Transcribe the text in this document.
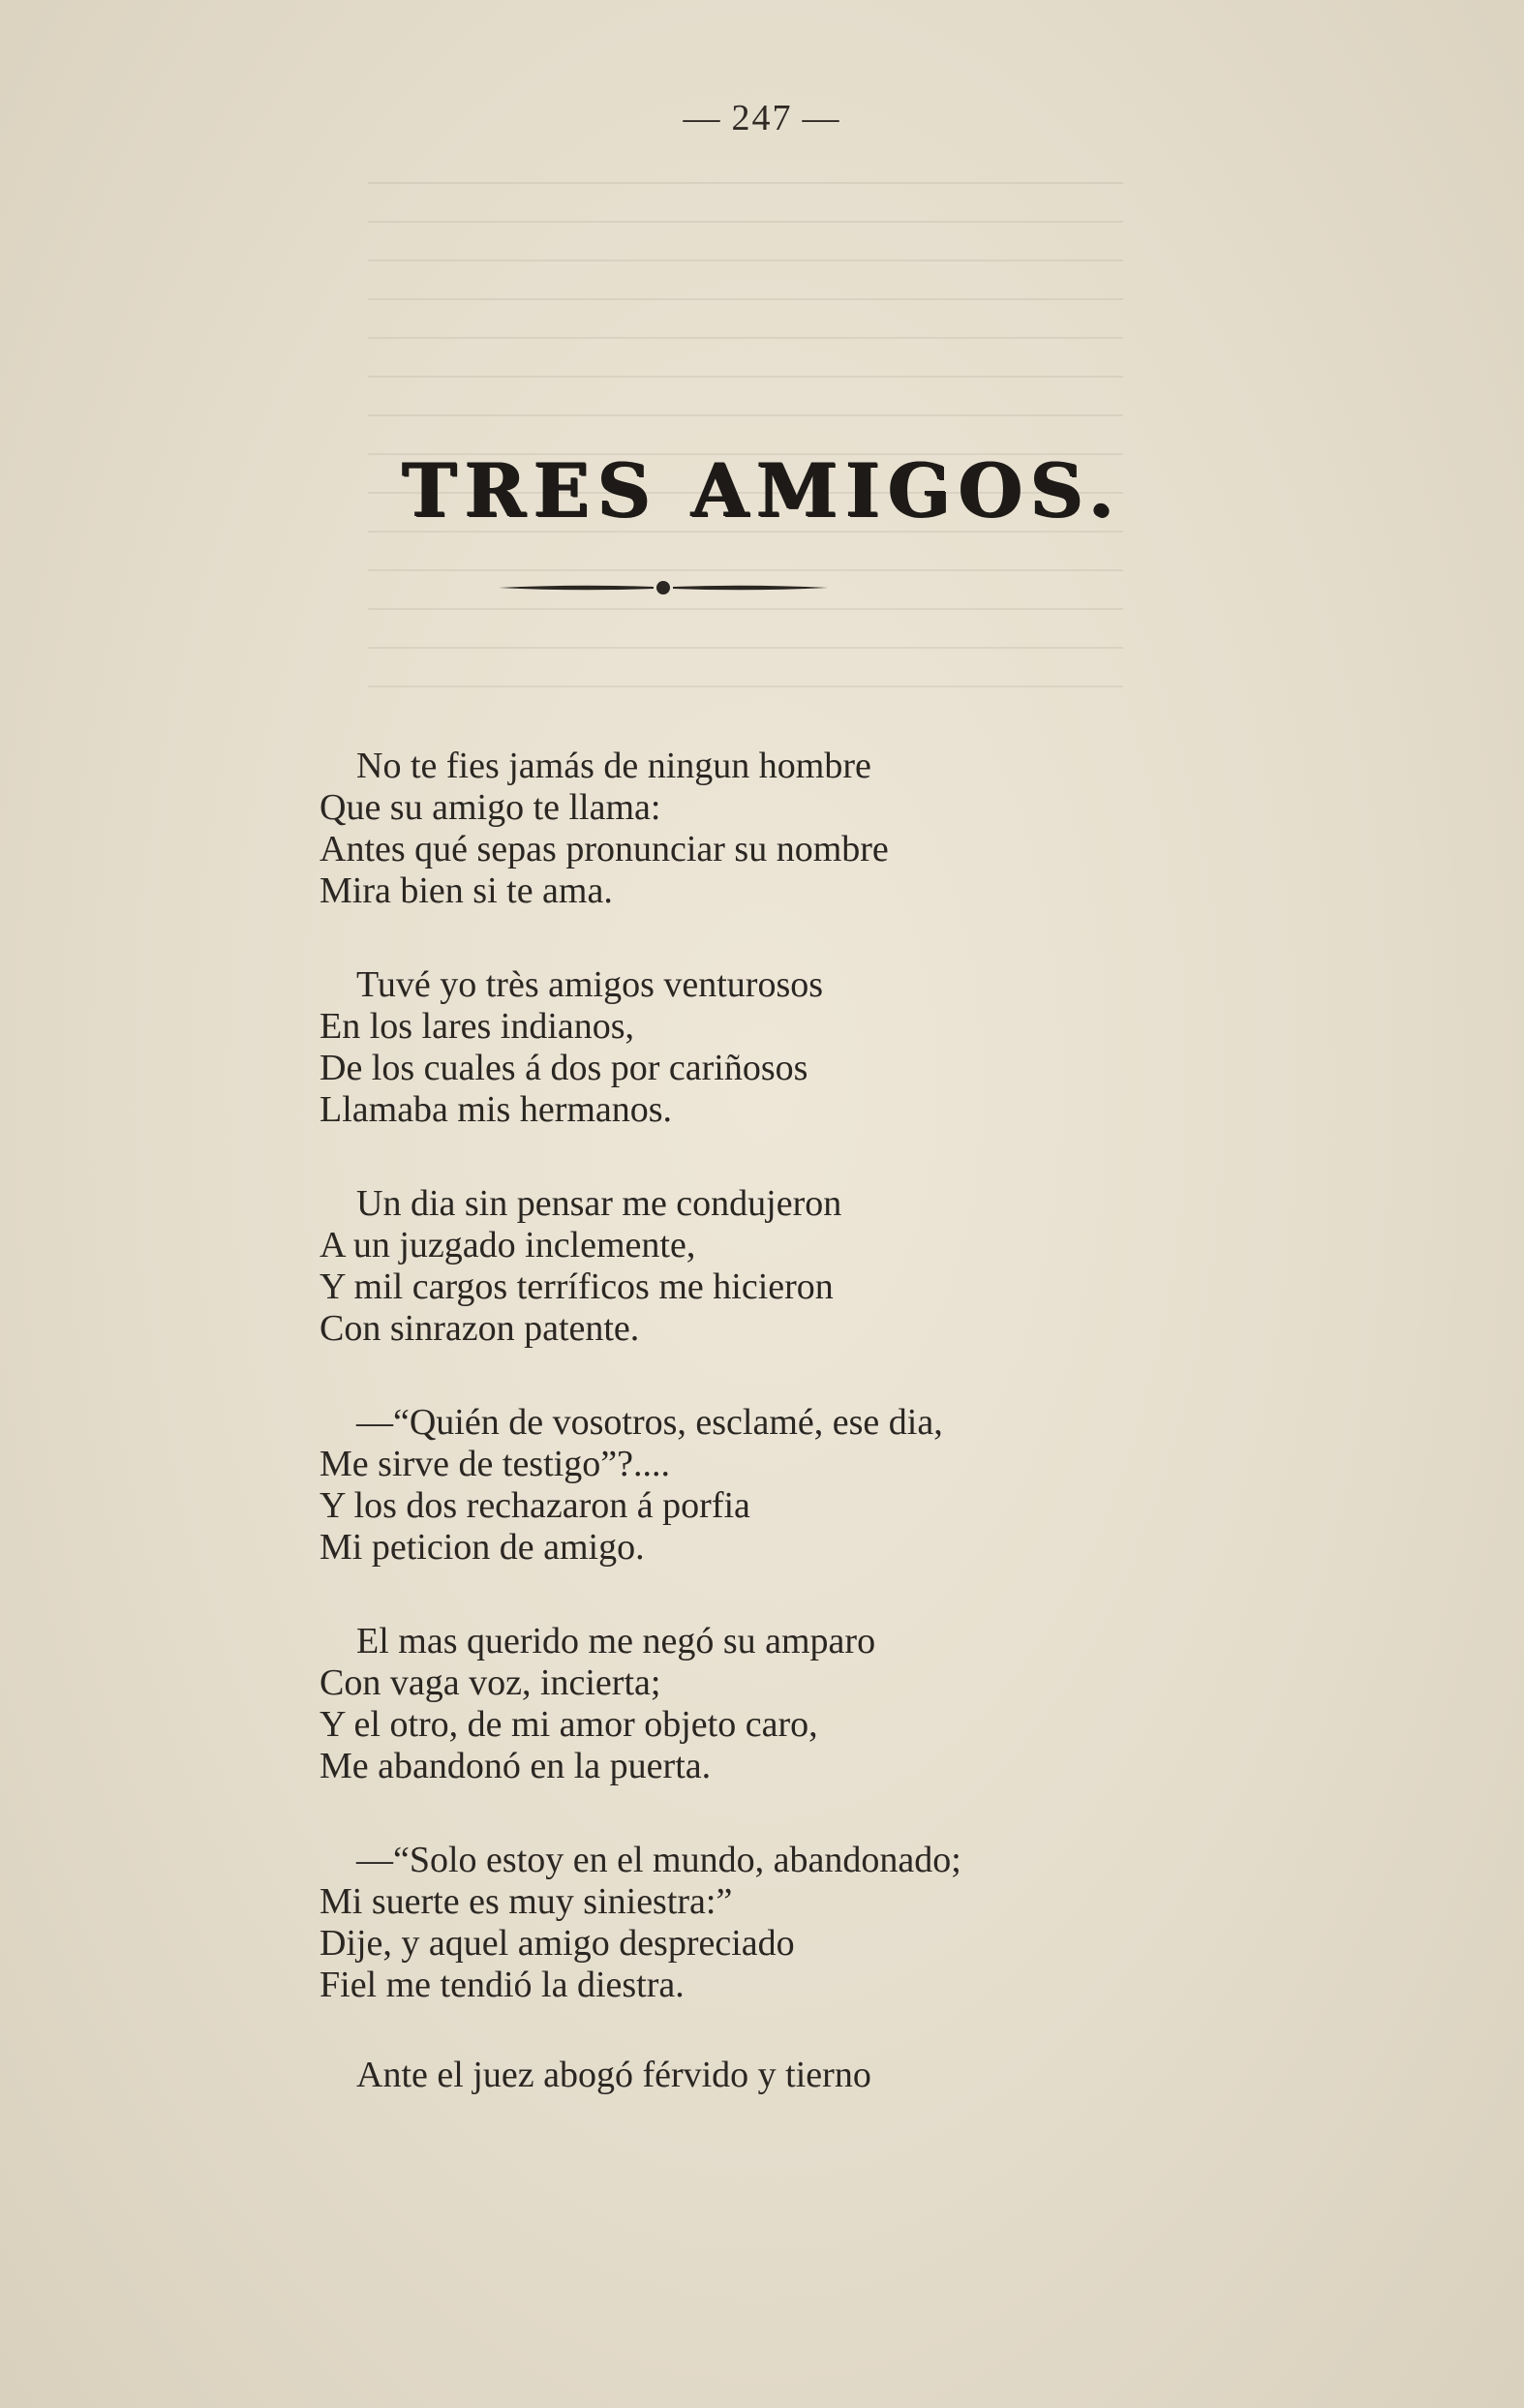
— 247 —
TRES AMIGOS.
No te fies jamás de ningun hombre
Que su amigo te llama:
Antes qué sepas pronunciar su nombre
Mira bien si te ama.
Tuvé yo très amigos venturosos
En los lares indianos,
De los cuales á dos por cariñosos
Llamaba mis hermanos.
Un dia sin pensar me condujeron
A un juzgado inclemente,
Y mil cargos terríficos me hicieron
Con sinrazon patente.
—“Quién de vosotros, esclamé, ese dia,
Me sirve de testigo”?....
Y los dos rechazaron á porfia
Mi peticion de amigo.
El mas querido me negó su amparo
Con vaga voz, incierta;
Y el otro, de mi amor objeto caro,
Me abandonó en la puerta.
—“Solo estoy en el mundo, abandonado;
Mi suerte es muy siniestra:”
Dije, y aquel amigo despreciado
Fiel me tendió la diestra.
Ante el juez abogó férvido y tierno
